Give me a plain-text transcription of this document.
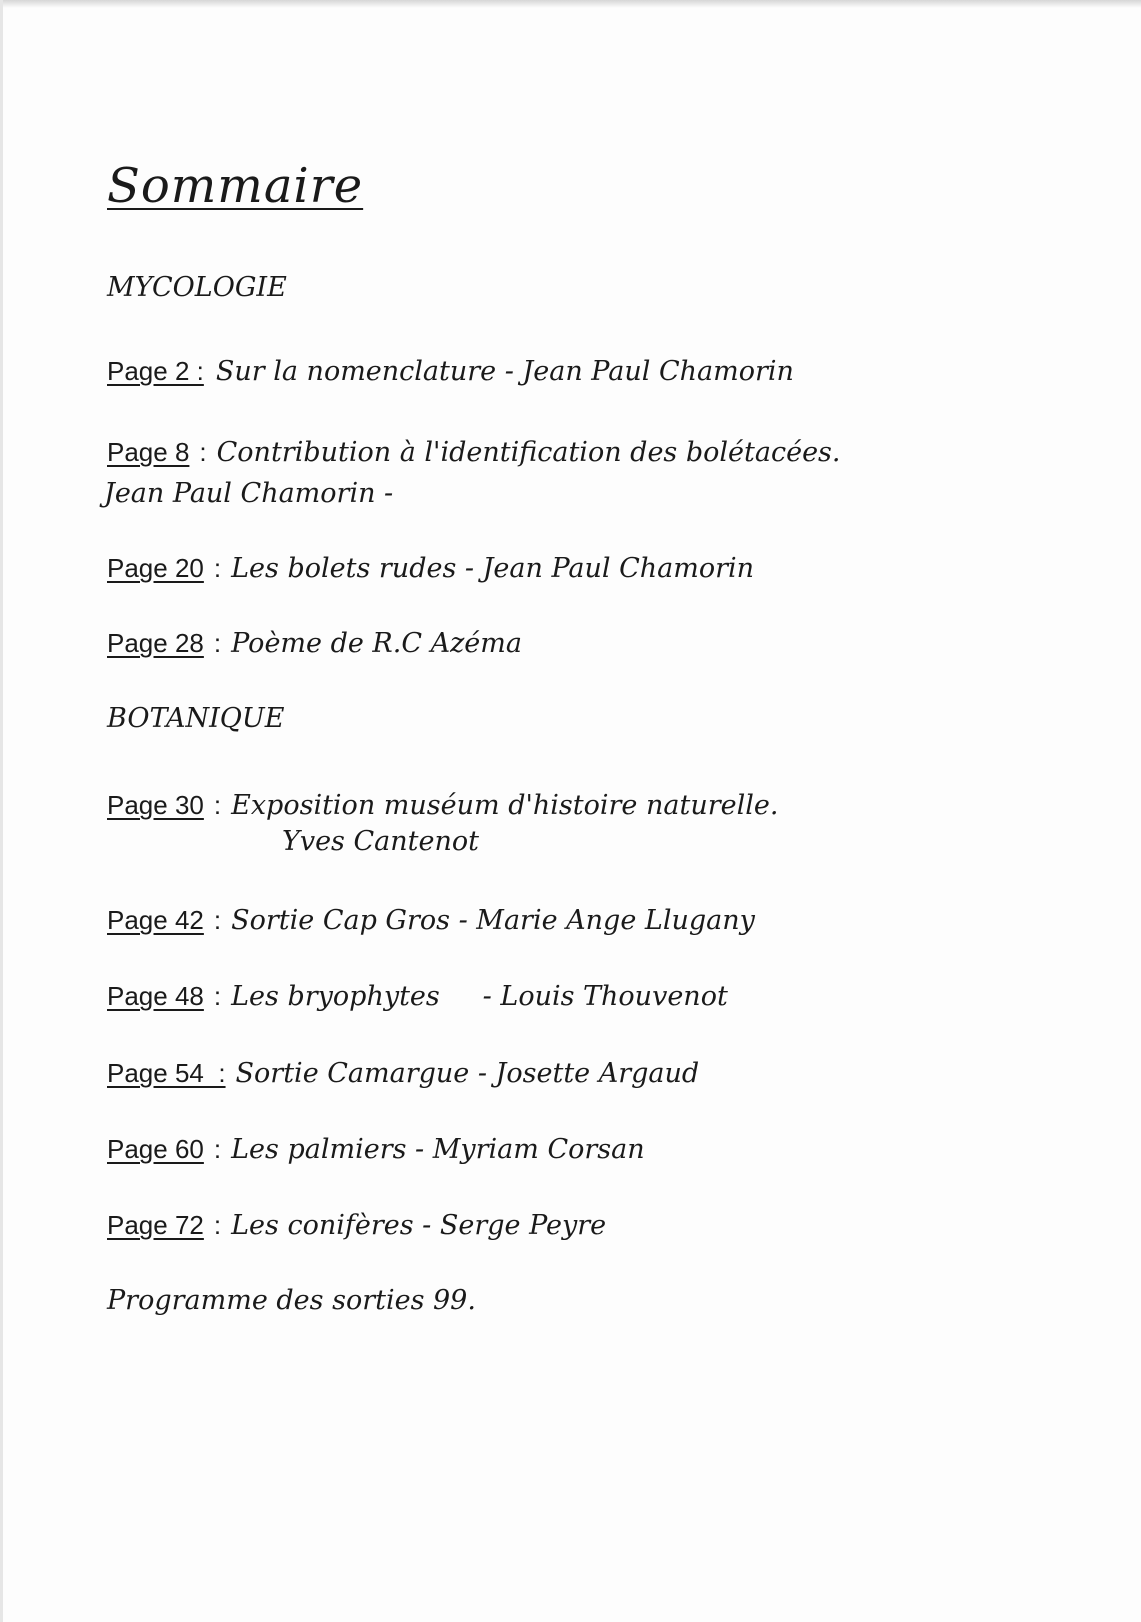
Sommaire
MYCOLOGIE
Page 2 : Sur la nomenclature - Jean Paul Chamorin
Page 8 : Contribution à l'identification des bolétacées.
Jean Paul Chamorin -
Page 20 : Les bolets rudes - Jean Paul Chamorin
Page 28 : Poème de R.C Azéma
BOTANIQUE
Page 30 : Exposition muséum d'histoire naturelle.
Yves Cantenot
Page 42 : Sortie Cap Gros - Marie Ange Llugany
Page 48 : Les bryophytes     - Louis Thouvenot
Page 54  : Sortie Camargue - Josette Argaud
Page 60 : Les palmiers - Myriam Corsan
Page 72 : Les conifères - Serge Peyre
Programme des sorties 99.
